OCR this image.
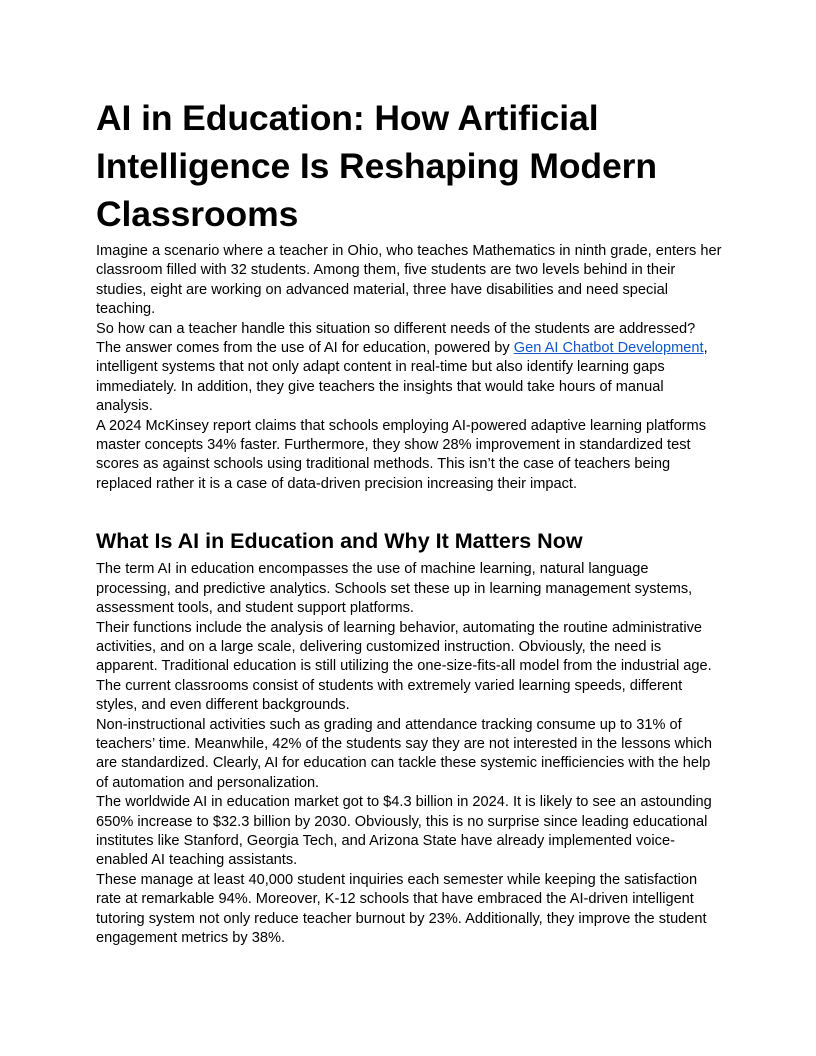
AI in Education: How Artificial Intelligence Is Reshaping Modern Classrooms

Imagine a scenario where a teacher in Ohio, who teaches Mathematics in ninth grade, enters her classroom filled with 32 students. Among them, five students are two levels behind in their studies, eight are working on advanced material, three have disabilities and need special teaching.

So how can a teacher handle this situation so different needs of the students are addressed?

The answer comes from the use of AI for education, powered by Gen AI Chatbot Development, intelligent systems that not only adapt content in real-time but also identify learning gaps immediately. In addition, they give teachers the insights that would take hours of manual analysis.

A 2024 McKinsey report claims that schools employing AI-powered adaptive learning platforms master concepts 34% faster. Furthermore, they show 28% improvement in standardized test scores as against schools using traditional methods. This isn’t the case of teachers being replaced rather it is a case of data-driven precision increasing their impact.

What Is AI in Education and Why It Matters Now

The term AI in education encompasses the use of machine learning, natural language processing, and predictive analytics. Schools set these up in learning management systems, assessment tools, and student support platforms.

Their functions include the analysis of learning behavior, automating the routine administrative activities, and on a large scale, delivering customized instruction. Obviously, the need is apparent. Traditional education is still utilizing the one-size-fits-all model from the industrial age. The current classrooms consist of students with extremely varied learning speeds, different styles, and even different backgrounds.

Non-instructional activities such as grading and attendance tracking consume up to 31% of teachers’ time. Meanwhile, 42% of the students say they are not interested in the lessons which are standardized. Clearly, AI for education can tackle these systemic inefficiencies with the help of automation and personalization.

The worldwide AI in education market got to $4.3 billion in 2024. It is likely to see an astounding 650% increase to $32.3 billion by 2030. Obviously, this is no surprise since leading educational institutes like Stanford, Georgia Tech, and Arizona State have already implemented voice-enabled AI teaching assistants.

These manage at least 40,000 student inquiries each semester while keeping the satisfaction rate at remarkable 94%. Moreover, K-12 schools that have embraced the AI-driven intelligent tutoring system not only reduce teacher burnout by 23%. Additionally, they improve the student engagement metrics by 38%.
